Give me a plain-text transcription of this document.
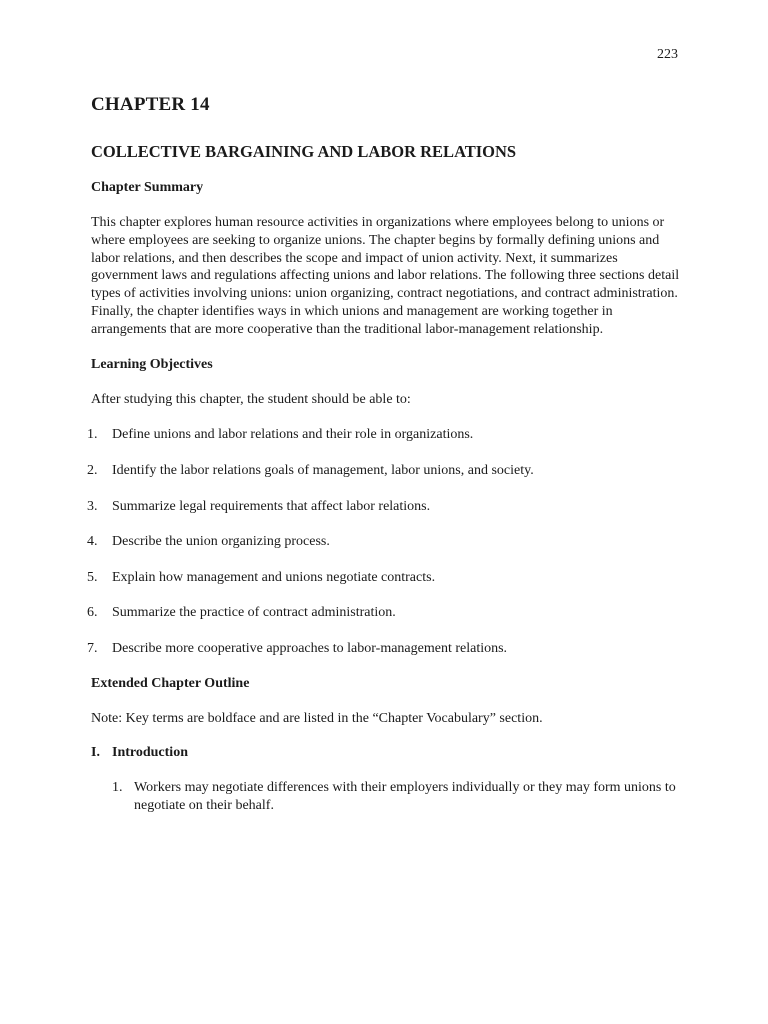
223
CHAPTER 14
COLLECTIVE BARGAINING AND LABOR RELATIONS
Chapter Summary

This chapter explores human resource activities in organizations where employees belong to unions or where employees are seeking to organize unions. The chapter begins by formally defining unions and labor relations, and then describes the scope and impact of union activity. Next, it summarizes government laws and regulations affecting unions and labor relations. The following three sections detail types of activities involving unions: union organizing, contract negotiations, and contract administration. Finally, the chapter identifies ways in which unions and management are working together in arrangements that are more cooperative than the traditional labor-management relationship.

Learning Objectives

After studying this chapter, the student should be able to:

1. Define unions and labor relations and their role in organizations.
2. Identify the labor relations goals of management, labor unions, and society.
3. Summarize legal requirements that affect labor relations.
4. Describe the union organizing process.
5. Explain how management and unions negotiate contracts.
6. Summarize the practice of contract administration.
7. Describe more cooperative approaches to labor-management relations.
Extended Chapter Outline

Note: Key terms are boldface and are listed in the “Chapter Vocabulary” section.

I. Introduction
1. Workers may negotiate differences with their employers individually or they may form unions to negotiate on their behalf.
